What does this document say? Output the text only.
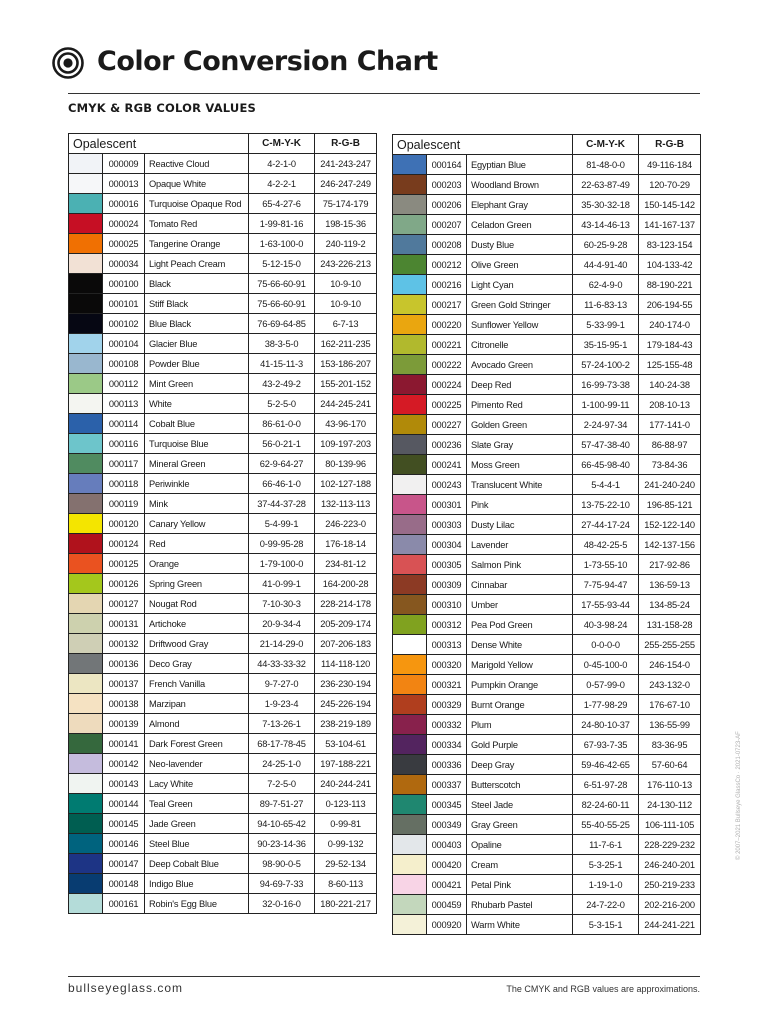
Color Conversion Chart
CMYK & RGB COLOR VALUES
Opalescent			C-M-Y-K	R-G-B
	000009	Reactive Cloud	4-2-1-0	241-243-247
	000013	Opaque White	4-2-2-1	246-247-249
	000016	Turquoise Opaque Rod	65-4-27-6	75-174-179
	000024	Tomato Red	1-99-81-16	198-15-36
	000025	Tangerine Orange	1-63-100-0	240-119-2
	000034	Light Peach Cream	5-12-15-0	243-226-213
	000100	Black	75-66-60-91	10-9-10
	000101	Stiff Black	75-66-60-91	10-9-10
	000102	Blue Black	76-69-64-85	6-7-13
	000104	Glacier Blue	38-3-5-0	162-211-235
	000108	Powder Blue	41-15-11-3	153-186-207
	000112	Mint Green	43-2-49-2	155-201-152
	000113	White	5-2-5-0	244-245-241
	000114	Cobalt Blue	86-61-0-0	43-96-170
	000116	Turquoise Blue	56-0-21-1	109-197-203
	000117	Mineral Green	62-9-64-27	80-139-96
	000118	Periwinkle	66-46-1-0	102-127-188
	000119	Mink	37-44-37-28	132-113-113
	000120	Canary Yellow	5-4-99-1	246-223-0
	000124	Red	0-99-95-28	176-18-14
	000125	Orange	1-79-100-0	234-81-12
	000126	Spring Green	41-0-99-1	164-200-28
	000127	Nougat Rod	7-10-30-3	228-214-178
	000131	Artichoke	20-9-34-4	205-209-174
	000132	Driftwood Gray	21-14-29-0	207-206-183
	000136	Deco Gray	44-33-33-32	114-118-120
	000137	French Vanilla	9-7-27-0	236-230-194
	000138	Marzipan	1-9-23-4	245-226-194
	000139	Almond	7-13-26-1	238-219-189
	000141	Dark Forest Green	68-17-78-45	53-104-61
	000142	Neo-lavender	24-25-1-0	197-188-221
	000143	Lacy White	7-2-5-0	240-244-241
	000144	Teal Green	89-7-51-27	0-123-113
	000145	Jade Green	94-10-65-42	0-99-81
	000146	Steel Blue	90-23-14-36	0-99-132
	000147	Deep Cobalt Blue	98-90-0-5	29-52-134
	000148	Indigo Blue	94-69-7-33	8-60-113
	000161	Robin's Egg Blue	32-0-16-0	180-221-217
Opalescent			C-M-Y-K	R-G-B
	000164	Egyptian Blue	81-48-0-0	49-116-184
	000203	Woodland Brown	22-63-87-49	120-70-29
	000206	Elephant Gray	35-30-32-18	150-145-142
	000207	Celadon Green	43-14-46-13	141-167-137
	000208	Dusty Blue	60-25-9-28	83-123-154
	000212	Olive Green	44-4-91-40	104-133-42
	000216	Light Cyan	62-4-9-0	88-190-221
	000217	Green Gold Stringer	11-6-83-13	206-194-55
	000220	Sunflower Yellow	5-33-99-1	240-174-0
	000221	Citronelle	35-15-95-1	179-184-43
	000222	Avocado Green	57-24-100-2	125-155-48
	000224	Deep Red	16-99-73-38	140-24-38
	000225	Pimento Red	1-100-99-11	208-10-13
	000227	Golden Green	2-24-97-34	177-141-0
	000236	Slate Gray	57-47-38-40	86-88-97
	000241	Moss Green	66-45-98-40	73-84-36
	000243	Translucent White	5-4-4-1	241-240-240
	000301	Pink	13-75-22-10	196-85-121
	000303	Dusty Lilac	27-44-17-24	152-122-140
	000304	Lavender	48-42-25-5	142-137-156
	000305	Salmon Pink	1-73-55-10	217-92-86
	000309	Cinnabar	7-75-94-47	136-59-13
	000310	Umber	17-55-93-44	134-85-24
	000312	Pea Pod Green	40-3-98-24	131-158-28
	000313	Dense White	0-0-0-0	255-255-255
	000320	Marigold Yellow	0-45-100-0	246-154-0
	000321	Pumpkin Orange	0-57-99-0	243-132-0
	000329	Burnt Orange	1-77-98-29	176-67-10
	000332	Plum	24-80-10-37	136-55-99
	000334	Gold Purple	67-93-7-35	83-36-95
	000336	Deep Gray	59-46-42-65	57-60-64
	000337	Butterscotch	6-51-97-28	176-110-13
	000345	Steel Jade	82-24-60-11	24-130-112
	000349	Gray Green	55-40-55-25	106-111-105
	000403	Opaline	11-7-6-1	228-229-232
	000420	Cream	5-3-25-1	246-240-201
	000421	Petal Pink	1-19-1-0	250-219-233
	000459	Rhubarb Pastel	24-7-22-0	202-216-200
	000920	Warm White	5-3-15-1	244-241-221
bullseyeglass.com	The CMYK and RGB values are approximations.
© 2007–2021 Bullseye GlassCo · 2021-0723-AF
